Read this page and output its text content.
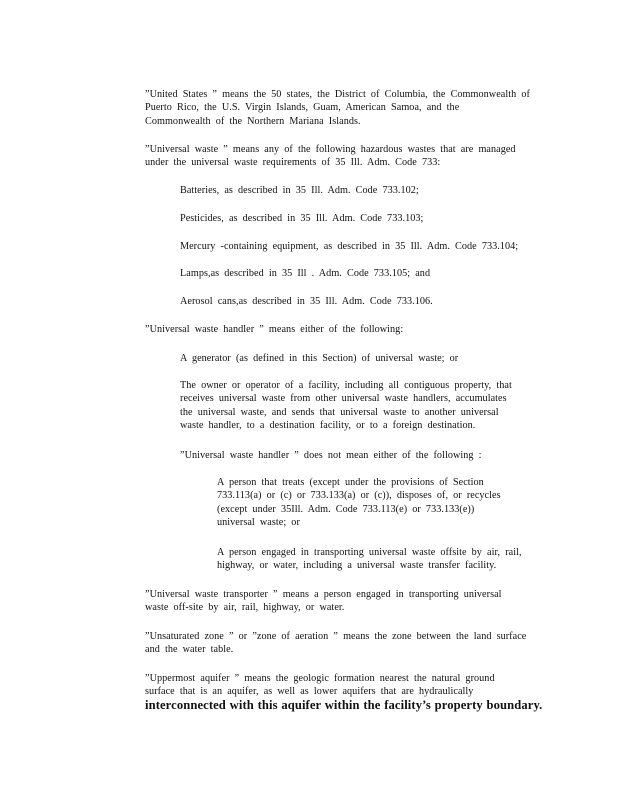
”United States ” means the 50 states, the District of Columbia, the Commonwealth of
Puerto Rico, the U.S. Virgin Islands, Guam, American Samoa, and the
Commonwealth of the Northern Mariana Islands.
”Universal waste ” means any of the following hazardous wastes that are managed
under the universal waste requirements of 35 Ill. Adm. Code 733:
Batteries, as described in 35 Ill. Adm. Code 733.102;
Pesticides, as described in 35 Ill. Adm. Code 733.103;
Mercury -containing equipment, as described in 35 Ill. Adm. Code 733.104;
Lamps,as described in 35 Ill . Adm. Code 733.105; and
Aerosol cans,as described in 35 Ill. Adm. Code 733.106.
”Universal waste handler ” means either of the following:
A generator (as defined in this Section) of universal waste; or
The owner or operator of a facility, including all contiguous property, that
receives universal waste from other universal waste handlers, accumulates
the universal waste, and sends that universal waste to another universal
waste handler, to a destination facility, or to a foreign destination.
”Universal waste handler ” does not mean either of the following :
A person that treats (except under the provisions of Section
733.113(a) or (c) or 733.133(a) or (c)), disposes of, or recycles
(except under 35Ill. Adm. Code 733.113(e) or 733.133(e))
universal waste; or
A person engaged in transporting universal waste offsite by air, rail,
highway, or water, including a universal waste transfer facility.
”Universal waste transporter ” means a person engaged in transporting universal
waste off-site by air, rail, highway, or water.
”Unsaturated zone ” or ”zone of aeration ” means the zone between the land surface
and the water table.
”Uppermost aquifer ” means the geologic formation nearest the natural ground
surface that is an aquifer, as well as lower aquifers that are hydraulically
interconnected with this aquifer within the facility’s property boundary.
